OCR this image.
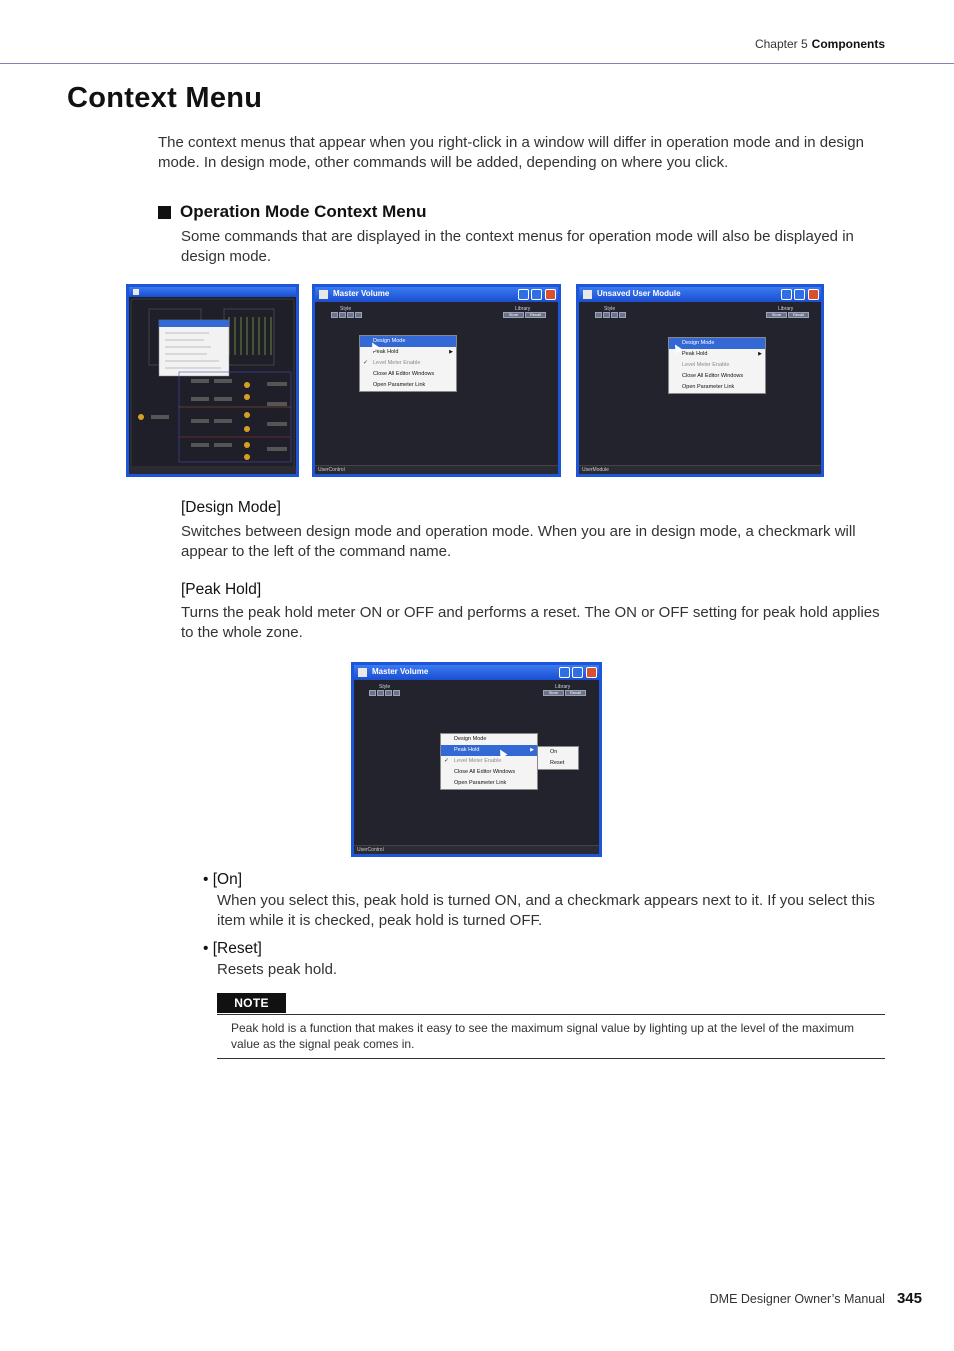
Chapter 5 Components
Context Menu

The context menus that appear when you right-click in a window will differ in operation mode and in design mode. In design mode, other commands will be added, depending on where you click.

Operation Mode Context Menu

Some commands that are displayed in the context menus for operation mode will also be displayed in design mode.

Master Volume
Style	Library
Store	Recall
Design Mode
Peak Hold	▶
✓ Level Meter Enable
Close All Editor Windows
Open Parameter Link
UserControl
Unsaved User Module
Style	Library
Store	Recall
Design Mode
Peak Hold	▶
Level Meter Enable
Close All Editor Windows
Open Parameter Link
UserModule
[Design Mode]

Switches between design mode and operation mode. When you are in design mode, a checkmark will appear to the left of the command name.

[Peak Hold]

Turns the peak hold meter ON or OFF and performs a reset. The ON or OFF setting for peak hold applies to the whole zone.

Master Volume
Style	Library
Store	Recall
Design Mode
Peak Hold	▶
✓ Level Meter Enable
Close All Editor Windows
Open Parameter Link
On
Reset
UserControl
• [On]

When you select this, peak hold is turned ON, and a checkmark appears next to it. If you select this item while it is checked, peak hold is turned OFF.

• [Reset]

Resets peak hold.

NOTE

Peak hold is a function that makes it easy to see the maximum signal value by lighting up at the level of the maximum value as the signal peak comes in.

DME Designer Owner’s Manual 345
